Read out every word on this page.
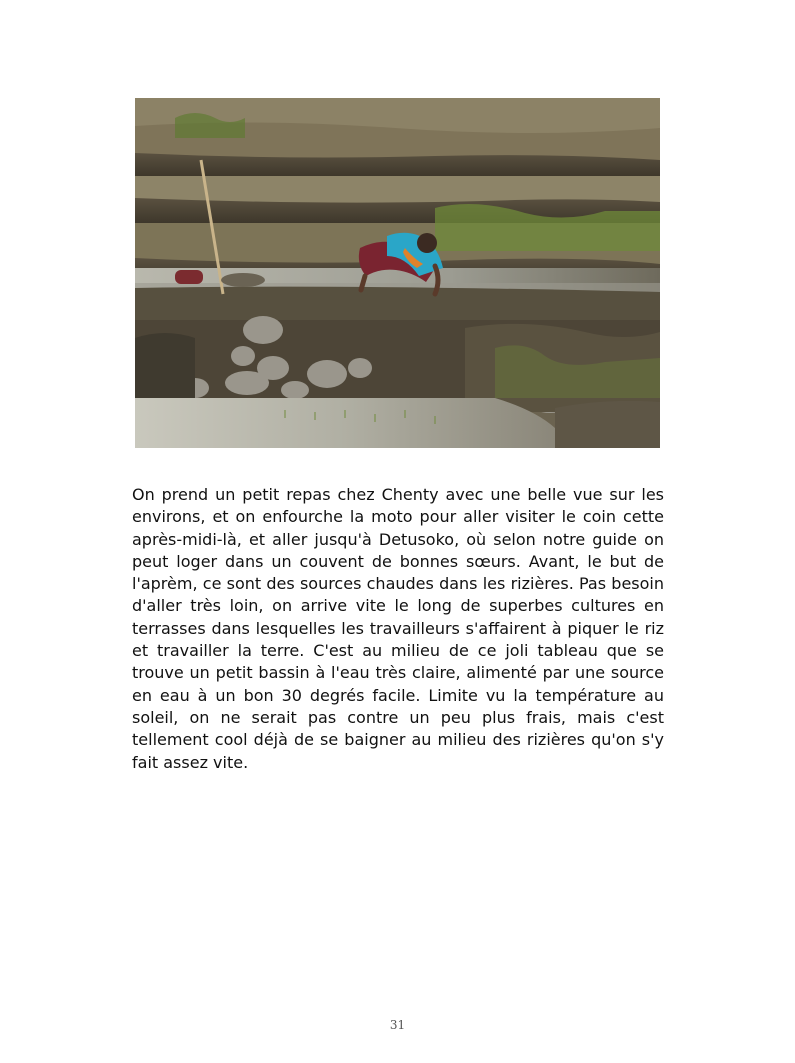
On prend un petit repas chez Chenty avec une belle vue sur les environs, et on enfourche la moto pour aller visiter le coin cette après-midi-là, et aller jusqu'à Detusoko, où selon notre guide on peut loger dans un couvent de bonnes sœurs. Avant, le but de l'aprèm, ce sont des sources chaudes dans les rizières. Pas besoin d'aller très loin, on arrive vite le long de superbes cultures en terrasses dans lesquelles les travailleurs s'affairent à piquer le riz et travailler la terre. C'est au milieu de ce joli tableau que se trouve un petit bassin à l'eau très claire, alimenté par une source en eau à un bon 30 degrés facile. Limite vu la température au soleil, on ne serait pas contre un peu plus frais, mais c'est tellement cool déjà de se baigner au milieu des rizières qu'on s'y fait assez vite.

31
